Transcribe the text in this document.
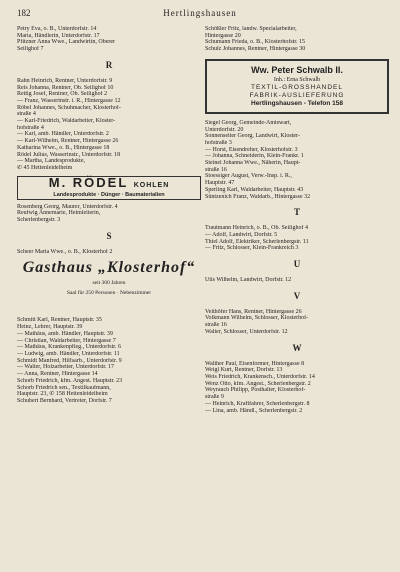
182	Hertlingshausen
Petry Eva, o. B., Unterdorfstr. 14
Maria, Händlerin, Unterdorfstr. 17
Pfitzner Anna Wwe., Landwirtin, Oberer
Seilighof 7
R
Rahn Heinrich, Rentner, Unterdorfstr. 9
Reis Johanna, Rentner, Ob. Seilighof 10
Rettig Josef, Rentner, Ob. Seilighof 2
— Franz, Wasserinstr. i. R., Hintergasse 12
Röbel Johannes, Schuhmacher, Klosterhof-
straße 4
— Karl-Friedrich, Waldarbeiter, Kloster-
hofstraße 4
— Karl, amb. Händler, Unterdorfstr. 2
— Karl-Wilhelm, Rentner, Hintergasse 26
Katharina Wwe., o. B., Hintergasse 18
Rödel Julius, Wasserinstr., Unterdorfstr. 18
— Martha, Landesprodukte,
✆ 45 Hettenleidelheim
M. RÖDEL KOHLEN
Landesprodukte · Dünger · Baumaterialien
Rosenberg Georg, Maurer, Unterdorfstr. 4
Reufwig Annemarie, Heimleiterin,
Scherlenbergstr. 3
S
Scheer Maria Wwe., o. B., Klosterhof 2
Gasthaus „Klosterhof“
seit 300 Jahren
Saal für 250 Personen · Nebenzimmer
Schmitt Karl, Rentner, Hauptstr. 35
Heinz, Lehrer, Hauptstr. 39
— Mathäus, amb. Händler, Hauptstr. 39
— Christian, Waldarbeiter, Hintergasse 7
— Mathäus, Krankenpfleg., Unterdorfstr. 6
— Ludwig, amb. Händler, Unterdorfstr. 11
Schmidt Manfred, Hilfsarb., Unterdorfstr. 9
— Walter, Holzarbeiter, Unterdorfstr. 17
— Anna, Rentner, Hintergasse 14
Schorb Friedrich, kfm. Angest. Hauptstr. 23
Schorb Friedrich sen., Textilkaufmann,
Hauptstr. 23, ✆ 158 Hettenleidelheim
Schubert Bernhard, Vertreter, Dorfstr. 7
Schößler Fritz, landw. Spezialarbeiter,
Hintergasse 20
Schumann Frieda, o. B., Klosterhofstr. 15
Schulz Johannes, Rentner, Hintergasse 30
Ww. Peter Schwalb II.
Inh.: Erna Schwalb
TEXTIL-GROSSHANDEL
FABRIK-AUSLIEFERUNG
Hertlingshausen - Telefon 158
Siegel Georg, Gemeinde-Amtswart,
Unterdorfstr. 20
Sonnenseiter Georg, Landwirt, Kloster-
hofstraße 3
— Horst, Eisendreher, Klosterhofstr. 3
— Johanna, Schneiderin, Klein-Frankr. 1
Steinel Johanna Wwe., Näherin, Haupt-
straße 16
Stoessiger August, Verw.-Insp. i. R.,
Hauptstr. 47
Sperling Karl, Waldarbeiter, Hauptstr. 43
Süntzenich Franz, Waldarb., Hintergasse 32
T
Trautmann Heinrich, o. B., Ob. Seilighof 4
— Adolf, Landwirt, Dorfstr. 5
Thiel Adolf, Elektriker, Scherlenbergstr. 11
— Fritz, Schlosser, Klein-Frankreich 3
U
Utis Wilhelm, Landwirt, Dorfstr. 12
V
Veithöfer Hans, Rentner, Hintergasse 26
Volkmann Wilhelm, Schlosser, Klosterhof-
straße 16
Walter, Schlosser, Unterdorfstr. 12
W
Walther Paul, Eisenformer, Hintergasse 8
Weigl Kurt, Rentner, Dorfstr. 13
Weis Friedrich, Krankensch., Unterdorfstr. 14
Wenz Otto, kfm. Angest., Scherlenbergstr. 2
Weyrauch Philipp, Posthalter, Klosterhof-
straße 9
— Heinrich, Kraftfahrer, Scherlenbergstr. 8
— Lina, amb. Händl., Scherlenbergstr. 2
